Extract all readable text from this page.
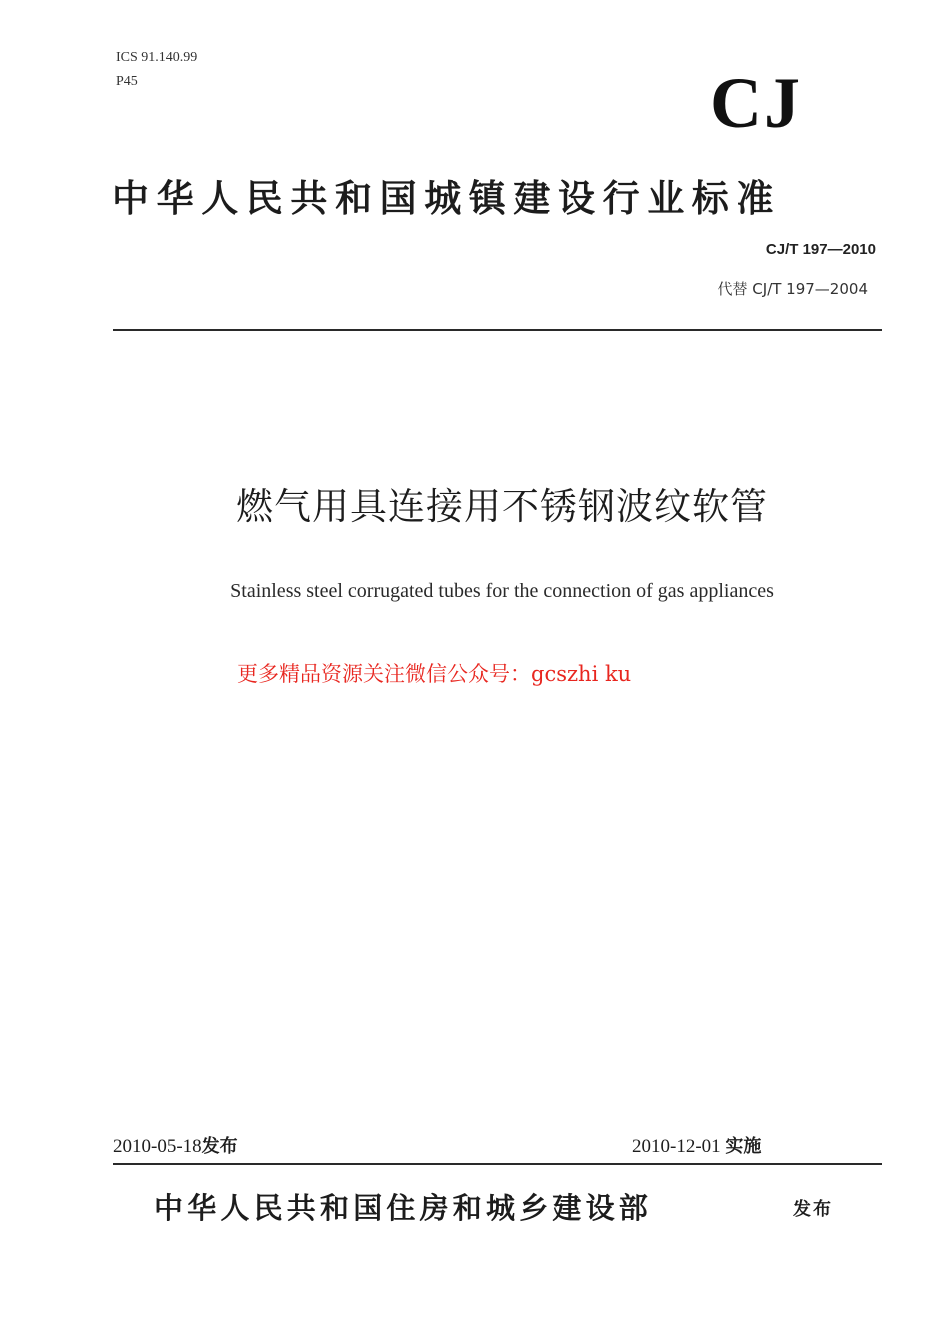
ICS 91.140.99
P45	CJ
中华人民共和国城镇建设行业标准
CJ/T 197—2010
代替 CJ/T 197—2004
燃气用具连接用不锈钢波纹软管
Stainless steel corrugated tubes for the connection of gas appliances
更多精品资源关注微信公众号：gcszhi ku
2010-05-18发布	2010-12-01 实施
中华人民共和国住房和城乡建设部	发布
